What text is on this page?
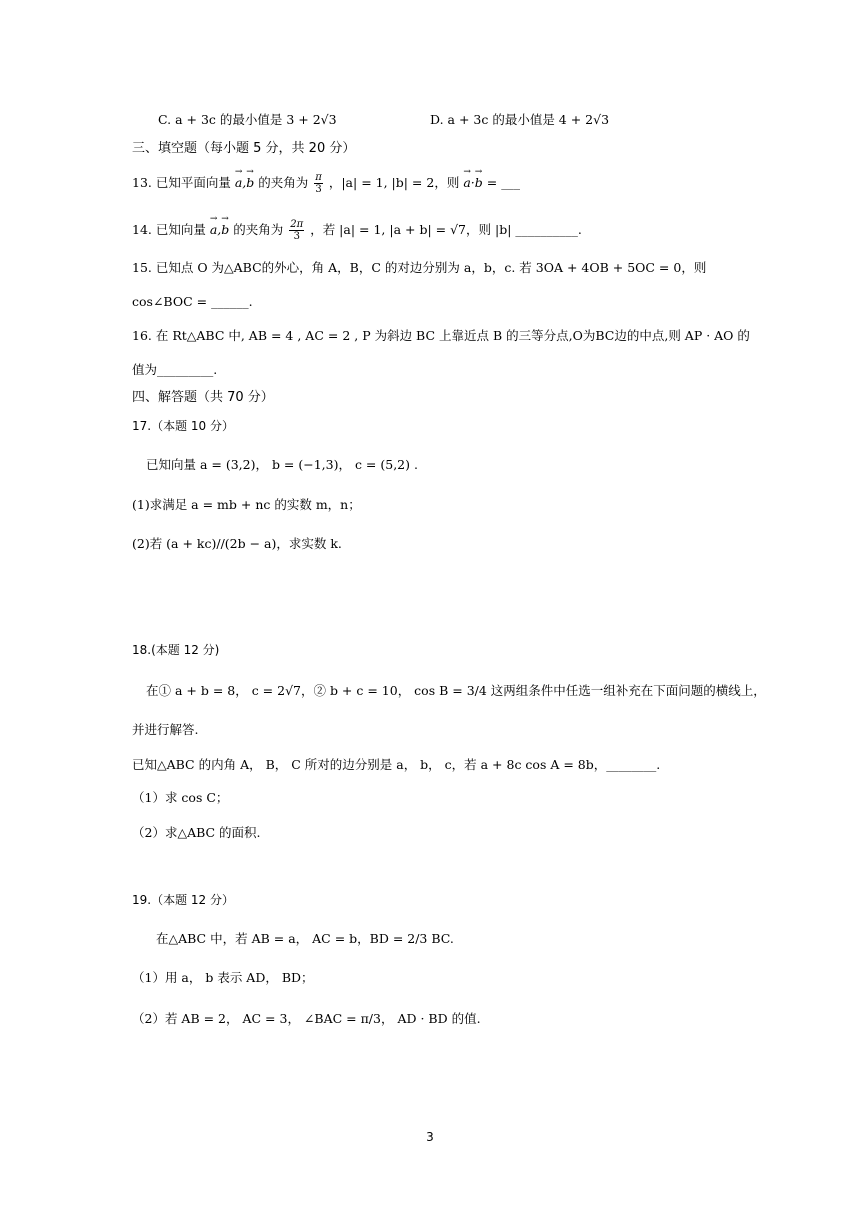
C. a + 3c 的最小值是 3 + 2√3	D. a + 3c 的最小值是 4 + 2√3
三、填空题（每小题 5 分，共 20 分）
13. 已知平面向量 → a,→ b 的夹角为 $\frac{\pi}{3}$ ，|a| = 1, |b| = 2，则 → a·→ b = ___
14. 已知向量 → a,→ b 的夹角为 $\frac{2\pi}{3}$ ，若 |a| = 1, |a + b| = √7，则 |b| __________.
15. 已知点 O 为△ABC的外心，角 A，B，C 的对边分别为 a，b，c. 若 3OA + 4OB + 5OC = 0，则
cos∠BOC = ______.
16. 在 Rt△ABC 中, AB = 4 , AC = 2 , P 为斜边 BC 上靠近点 B 的三等分点,O为BC边的中点,则 AP · AO 的
值为_________.
四、解答题（共 70 分）
17.（本题 10 分）
已知向量 a = (3,2)， b = (−1,3)， c = (5,2) .
(1)求满足 a = mb + nc 的实数 m，n；
(2)若 (a + kc)//(2b − a)，求实数 k.
18.(本题 12 分)
在① a + b = 8， c = 2√7，② b + c = 10， cos B = 3/4 这两组条件中任选一组补充在下面问题的横线上，
并进行解答.
已知△ABC 的内角 A， B， C 所对的边分别是 a， b， c，若 a + 8c cos A = 8b，________.
（1）求 cos C；
（2）求△ABC 的面积.
19.（本题 12 分）
在△ABC 中，若 AB = a， AC = b，BD = 2/3 BC.
（1）用 a， b 表示 AD， BD；
（2）若 AB = 2， AC = 3， ∠BAC = π/3， AD · BD 的值.
3
